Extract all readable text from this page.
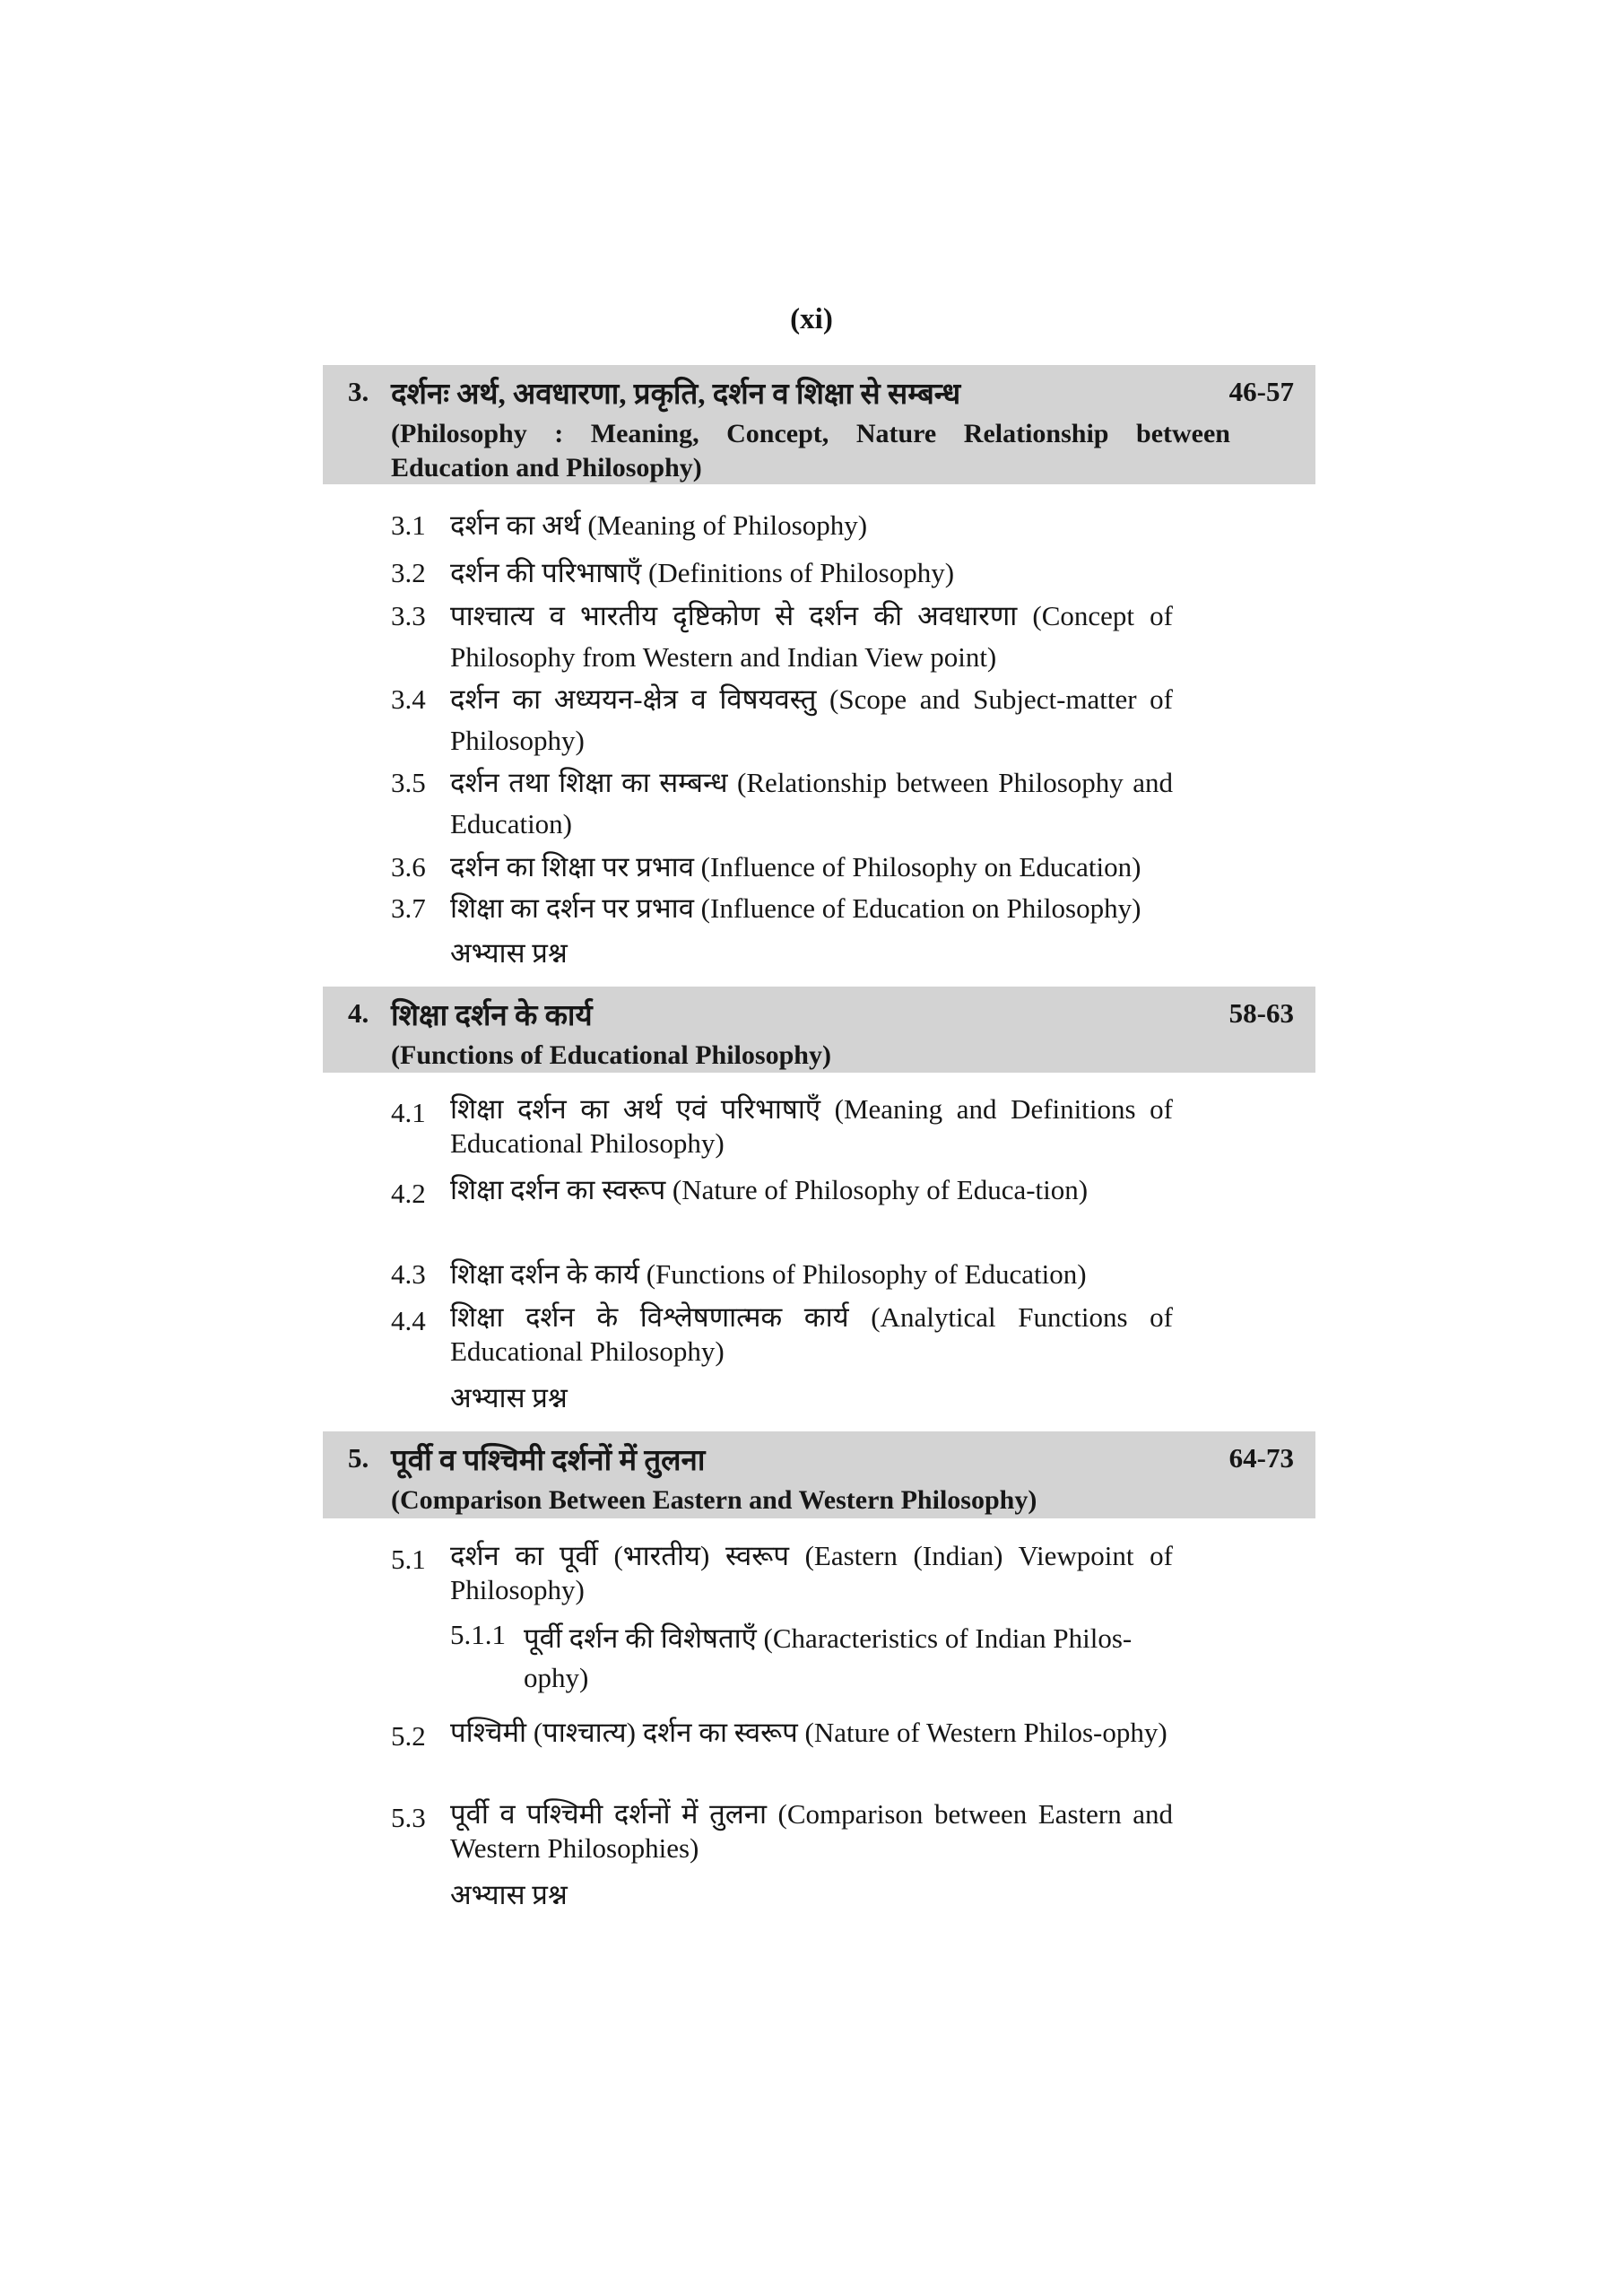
(xi)
3. दर्शनः अर्थ, अवधारणा, प्रकृति, दर्शन व शिक्षा से सम्बन्ध	46-57
(Philosophy : Meaning, Concept, Nature Relationship between Education and Philosophy)
3.1 दर्शन का अर्थ (Meaning of Philosophy)
3.2 दर्शन की परिभाषाएँ (Definitions of Philosophy)
3.3 पाश्चात्य व भारतीय दृष्टिकोण से दर्शन की अवधारणा (Concept of Philosophy from Western and Indian View point)
3.4 दर्शन का अध्ययन-क्षेत्र व विषयवस्तु (Scope and Subject-matter of Philosophy)
3.5 दर्शन तथा शिक्षा का सम्बन्ध (Relationship between Philosophy and Education)
3.6 दर्शन का शिक्षा पर प्रभाव (Influence of Philosophy on Education)
3.7 शिक्षा का दर्शन पर प्रभाव (Influence of Education on Philosophy)
अभ्यास प्रश्न
4. शिक्षा दर्शन के कार्य	58-63
(Functions of Educational Philosophy)
4.1 शिक्षा दर्शन का अर्थ एवं परिभाषाएँ (Meaning and Definitions of Educational Philosophy)
4.2 शिक्षा दर्शन का स्वरूप (Nature of Philosophy of Educa-tion)
4.3 शिक्षा दर्शन के कार्य (Functions of Philosophy of Education)
4.4 शिक्षा दर्शन के विश्लेषणात्मक कार्य (Analytical Functions of Educational Philosophy)
अभ्यास प्रश्न
5. पूर्वी व पश्चिमी दर्शनों में तुलना	64-73
(Comparison Between Eastern and Western Philosophy)
5.1 दर्शन का पूर्वी (भारतीय) स्वरूप (Eastern (Indian) Viewpoint of Philosophy)
5.1.1 पूर्वी दर्शन की विशेषताएँ (Characteristics of Indian Philos-ophy)
5.2 पश्चिमी (पाश्चात्य) दर्शन का स्वरूप (Nature of Western Philos-ophy)
5.3 पूर्वी व पश्चिमी दर्शनों में तुलना (Comparison between Eastern and Western Philosophies)
अभ्यास प्रश्न
